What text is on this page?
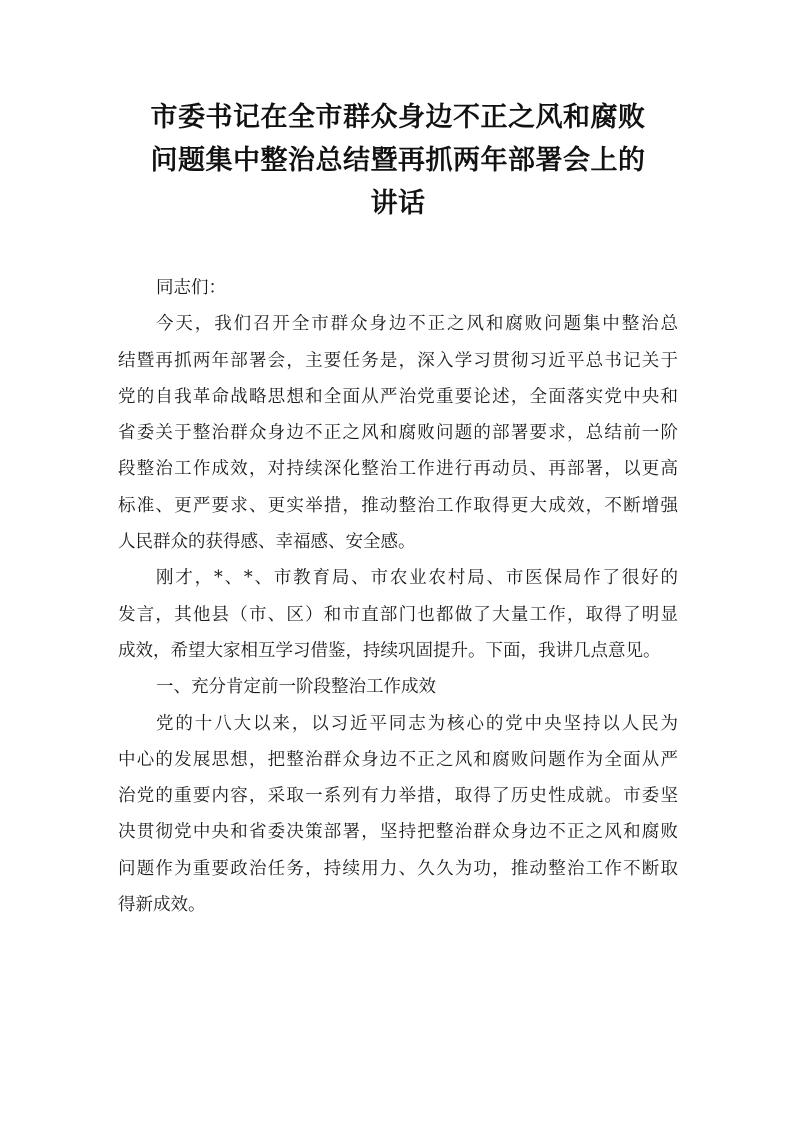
市委书记在全市群众身边不正之风和腐败
问题集中整治总结暨再抓两年部署会上的
讲话

同志们：

今天，我们召开全市群众身边不正之风和腐败问题集中整治总
结暨再抓两年部署会，主要任务是，深入学习贯彻习近平总书记关于
党的自我革命战略思想和全面从严治党重要论述，全面落实党中央和
省委关于整治群众身边不正之风和腐败问题的部署要求，总结前一阶
段整治工作成效，对持续深化整治工作进行再动员、再部署，以更高
标准、更严要求、更实举措，推动整治工作取得更大成效，不断增强
人民群众的获得感、幸福感、安全感。

刚才，*、*、市教育局、市农业农村局、市医保局作了很好的
发言，其他县（市、区）和市直部门也都做了大量工作，取得了明显
成效，希望大家相互学习借鉴，持续巩固提升。下面，我讲几点意见。

一、充分肯定前一阶段整治工作成效

党的十八大以来，以习近平同志为核心的党中央坚持以人民为
中心的发展思想，把整治群众身边不正之风和腐败问题作为全面从严
治党的重要内容，采取一系列有力举措，取得了历史性成就。市委坚
决贯彻党中央和省委决策部署，坚持把整治群众身边不正之风和腐败
问题作为重要政治任务，持续用力、久久为功，推动整治工作不断取
得新成效。
